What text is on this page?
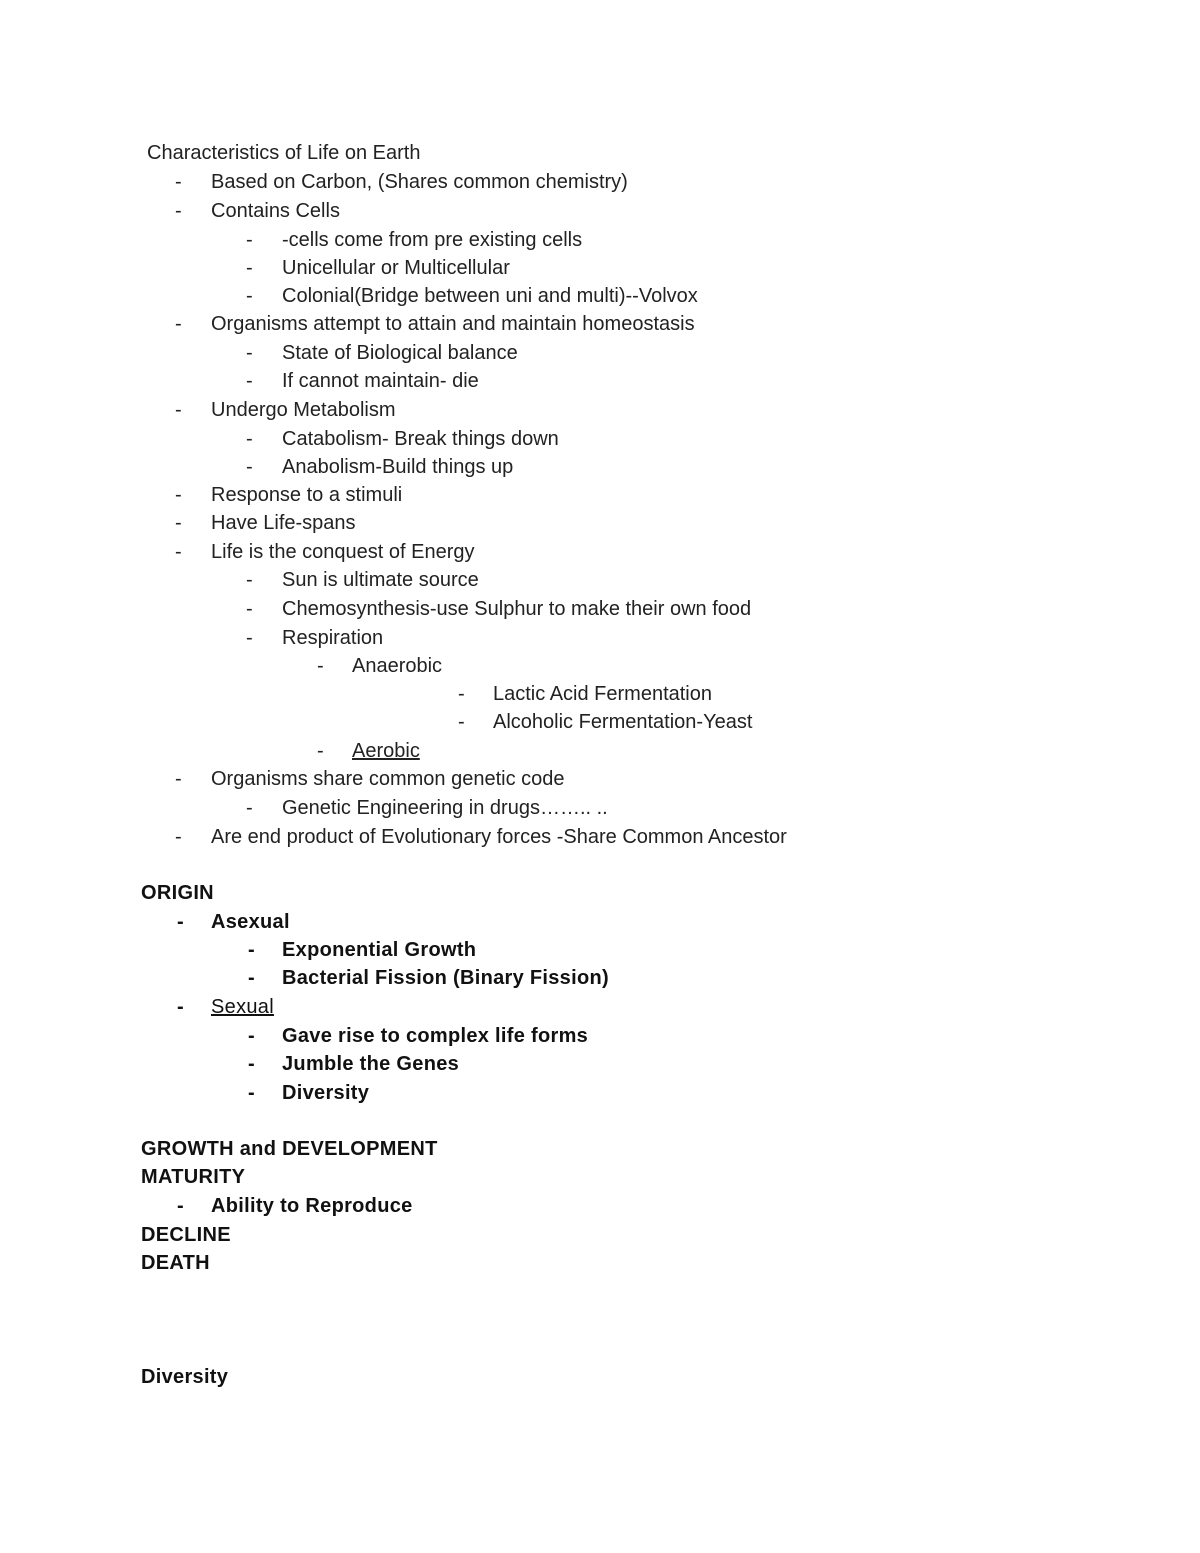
Characteristics of Life on Earth
- Based on Carbon, (Shares common chemistry)
- Contains Cells
- -cells come from pre existing cells
- Unicellular or Multicellular
- Colonial(Bridge between uni and multi)--Volvox
- Organisms attempt to attain and maintain homeostasis
- State of Biological balance
- If cannot maintain- die
- Undergo Metabolism
- Catabolism- Break things down
- Anabolism-Build things up
- Response to a stimuli
- Have Life-spans
- Life is the conquest of Energy
- Sun is ultimate source
- Chemosynthesis-use Sulphur to make their own food
- Respiration
- Anaerobic
- Lactic Acid Fermentation
- Alcoholic Fermentation-Yeast
- Aerobic
- Organisms share common genetic code
- Genetic Engineering in drugs…….. ..
- Are end product of Evolutionary forces -Share Common Ancestor
ORIGIN
- Asexual
- Exponential Growth
- Bacterial Fission (Binary Fission)
- Sexual
- Gave rise to complex life forms
- Jumble the Genes
- Diversity
GROWTH and DEVELOPMENT
MATURITY
- Ability to Reproduce
DECLINE
DEATH
Diversity
